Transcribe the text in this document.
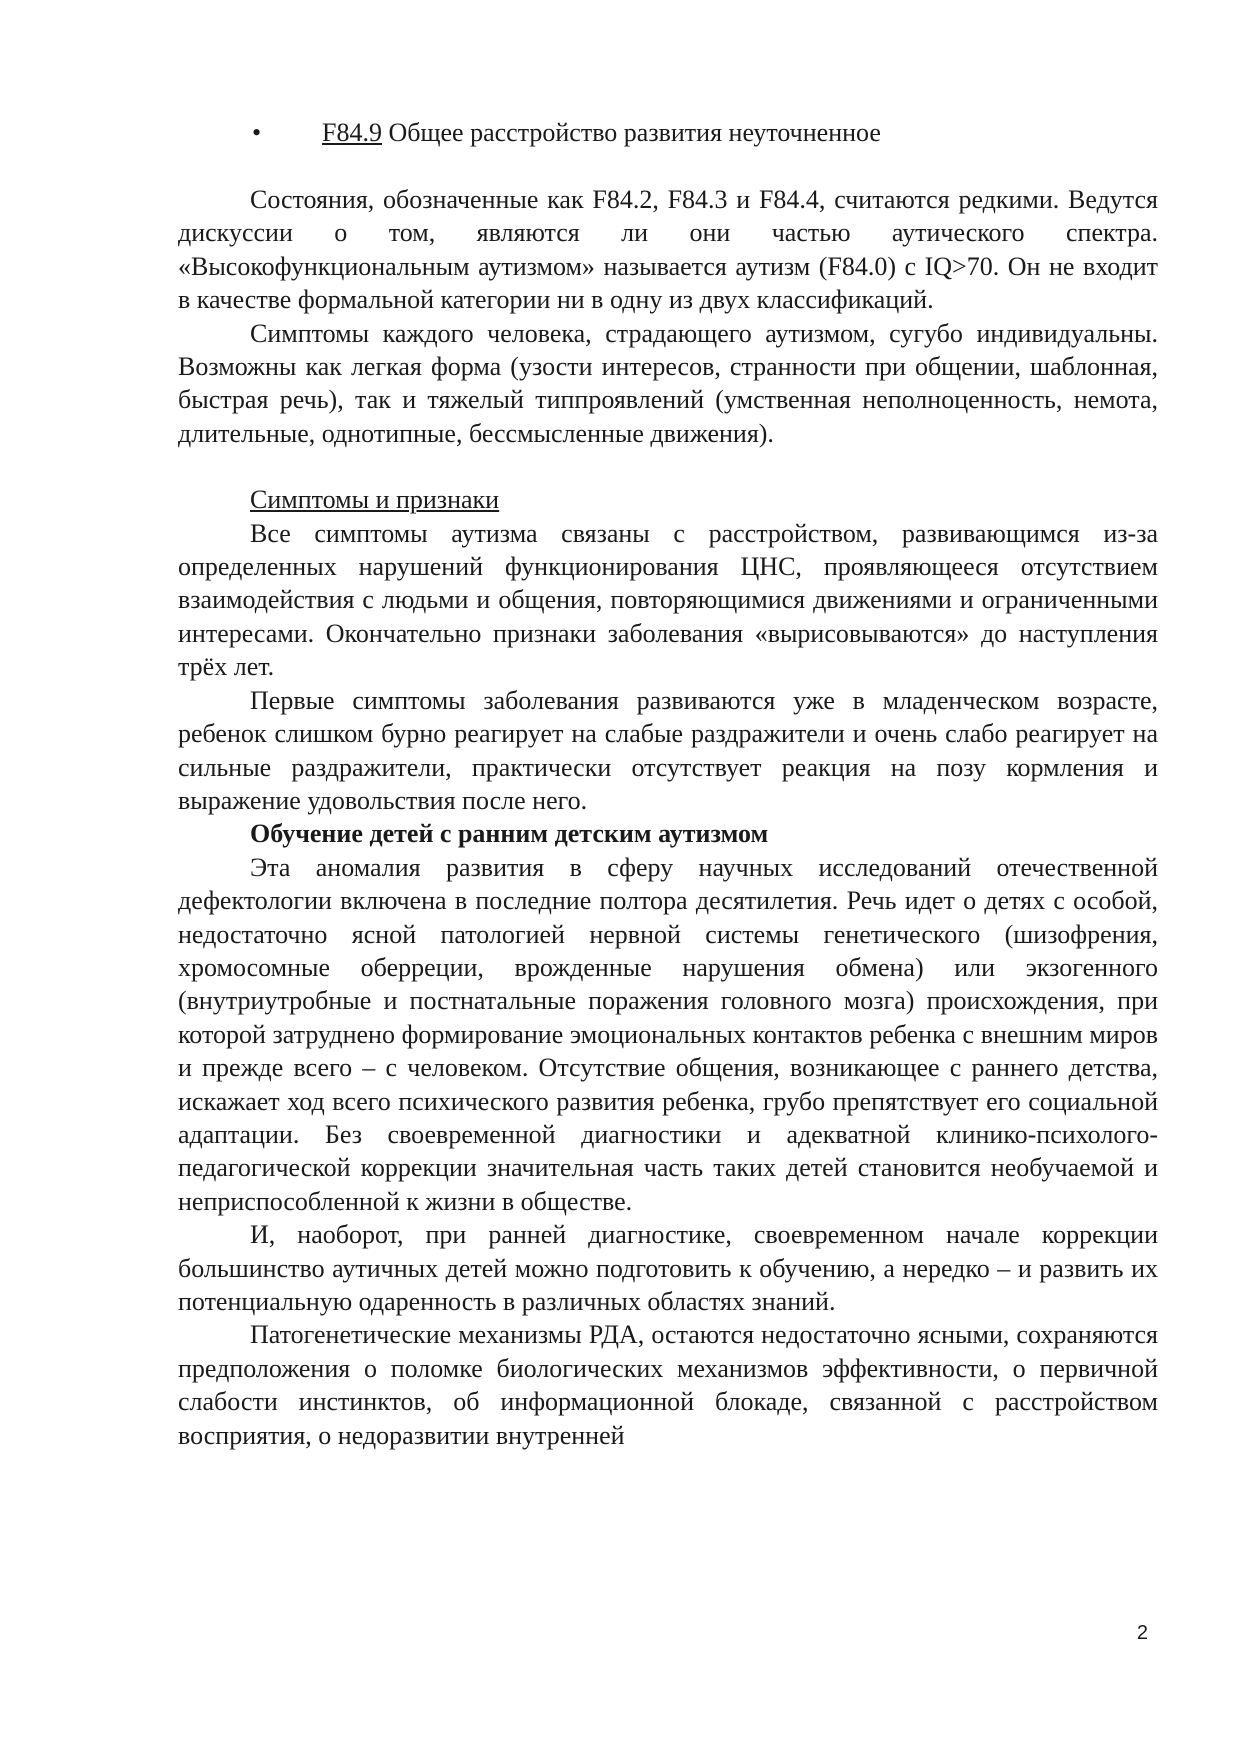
• F84.9 Общее расстройство развития неуточненное

Состояния, обозначенные как F84.2, F84.3 и F84.4, считаются редкими. Ведутся дискуссии о том, являются ли они частью аутического спектра. «Высокофункциональным аутизмом» называется аутизм (F84.0) с IQ>70. Он не входит в качестве формальной категории ни в одну из двух классификаций.

Симптомы каждого человека, страдающего аутизмом, сугубо индивидуальны. Возможны как легкая форма (узости интересов, странности при общении, шаблонная, быстрая речь), так и тяжелый типпроявлений (умственная неполноценность, немота, длительные, однотипные, бессмысленные движения).

Симптомы и признаки

Все симптомы аутизма связаны с расстройством, развивающимся из-за определенных нарушений функционирования ЦНС, проявляющееся отсутствием взаимодействия с людьми и общения, повторяющимися движениями и ограниченными интересами. Окончательно признаки заболевания «вырисовываются» до наступления трёх лет.

Первые симптомы заболевания развиваются уже в младенческом возрасте, ребенок слишком бурно реагирует на слабые раздражители и очень слабо реагирует на сильные раздражители, практически отсутствует реакция на позу кормления и выражение удовольствия после него.

Обучение детей с ранним детским аутизмом

Эта аномалия развития в сферу научных исследований отечественной дефектологии включена в последние полтора десятилетия. Речь идет о детях с особой, недостаточно ясной патологией нервной системы генетического (шизофрения, хромосомные оберреции, врожденные нарушения обмена) или экзогенного (внутриутробные и постнатальные поражения головного мозга) происхождения, при которой затруднено формирование эмоциональных контактов ребенка с внешним миров и прежде всего – с человеком. Отсутствие общения, возникающее с раннего детства, искажает ход всего психического развития ребенка, грубо препятствует его социальной адаптации. Без своевременной диагностики и адекватной клинико-психолого-педагогической коррекции значительная часть таких детей становится необучаемой и неприспособленной к жизни в обществе.

И, наоборот, при ранней диагностике, своевременном начале коррекции большинство аутичных детей можно подготовить к обучению, а нередко – и развить их потенциальную одаренность в различных областях знаний.

Патогенетические механизмы РДА, остаются недостаточно ясными, сохраняются предположения о поломке биологических механизмов эффективности, о первичной слабости инстинктов, об информационной блокаде, связанной с расстройством восприятия, о недоразвитии внутренней

2
